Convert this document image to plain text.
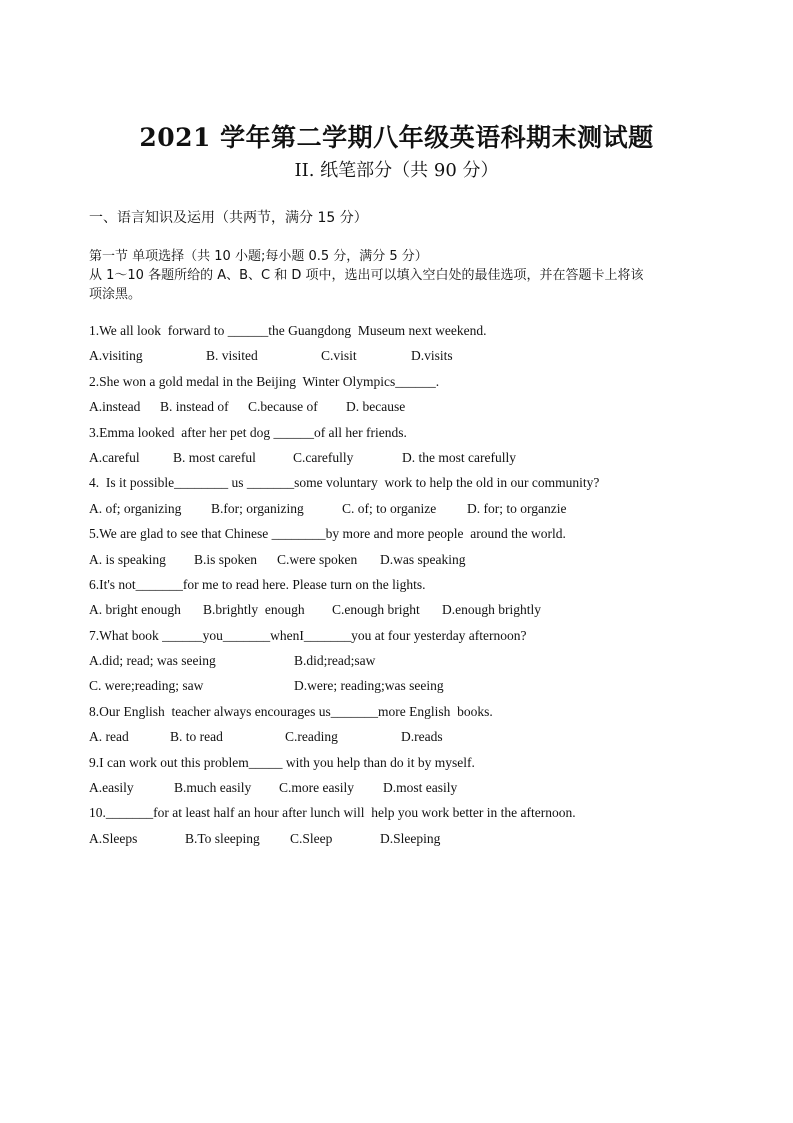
2021 学年第二学期八年级英语科期末测试题
II. 纸笔部分（共 90 分）
一、语言知识及运用（共两节，满分 15 分）
第一节 单项选择（共 10 小题;每小题 0.5 分，满分 5 分）
从 1～10 各题所给的 A、B、C 和 D 项中，选出可以填入空白处的最佳选项，并在答题卡上将该
项涂黑。
1.We all look  forward to ______the Guangdong  Museum next weekend.
A.visiting	B. visited	C.visit	D.visits
2.She won a gold medal in the Beijing  Winter Olympics______.
A.instead	B. instead of	C.because of	D. because
3.Emma looked  after her pet dog ______of all her friends.
A.careful	B. most careful	C.carefully	D. the most carefully
4.  Is it possible________ us _______some voluntary  work to help the old in our community?
A. of; organizing	B.for; organizing	C. of; to organize	D. for; to organzie
5.We are glad to see that Chinese ________by more and more people  around the world.
A. is speaking	B.is spoken	C.were spoken	D.was speaking
6.It's not_______for me to read here. Please turn on the lights.
A. bright enough	B.brightly  enough	C.enough bright	D.enough brightly
7.What book ______you_______whenI_______you at four yesterday afternoon?
A.did; read; was seeing	B.did;read;saw
C. were;reading; saw	D.were; reading;was seeing
8.Our English  teacher always encourages us_______more English  books.
A. read	B. to read	C.reading	D.reads
9.I can work out this problem_____ with you help than do it by myself.
A.easily	B.much easily	C.more easily	D.most easily
10._______for at least half an hour after lunch will  help you work better in the afternoon.
A.Sleeps	B.To sleeping	C.Sleep	D.Sleeping
